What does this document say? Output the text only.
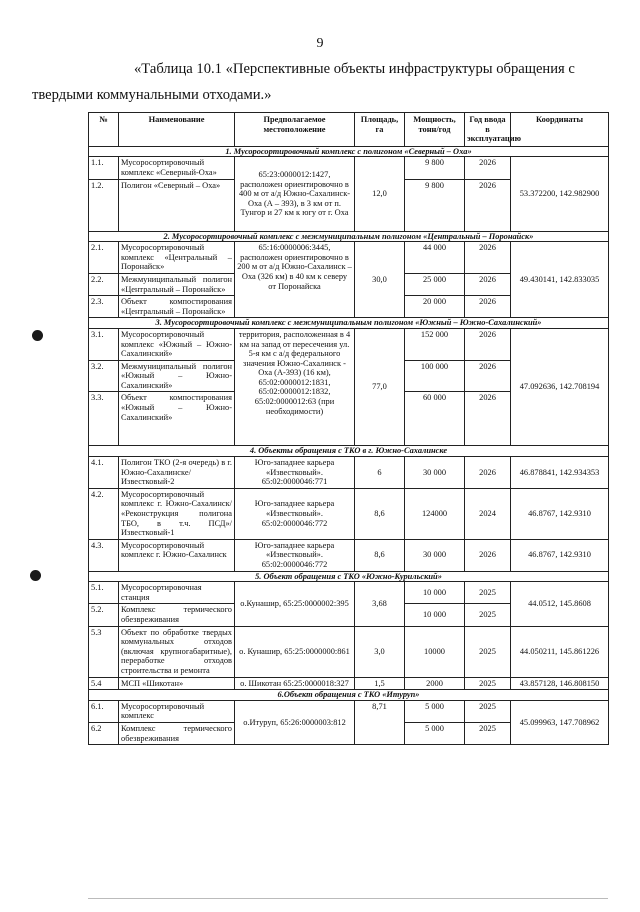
9
«Таблица 10.1 «Перспективные объекты инфраструктуры обращения с
твердыми коммунальными отходами.»
№	Наименование	Предполагаемое местоположение	Площадь, га	Мощность, тонн/год	Год ввода в эксплуатацию	Координаты
1. Мусоросортировочный комплекс с полигоном «Северный – Оха»						
1.1.	Мусоросортировочный комплекс «Северный-Оха»	65:23:0000012:1427, расположен ориентировочно в 400 м от а/д Южно-Сахалинск-Оха (А – 393), в 3 км от п. Тунгор и 27 км к югу от г. Оха	12,0	9 800	2026	53.372200, 142.982900
1.2.	Полигон «Северный – Оха»			9 800	2026	
2. Мусоросортировочный комплекс с межмуниципальным полигоном «Центральный – Поронайск»						
2.1.	Мусоросортировочный комплекс «Центральный – Поронайск»	65:16:0000006:3445, расположен ориентировочно в 200 м от а/д Южно-Сахалинск – Оха (326 км) в 40 км к северу от Поронайска	30,0	44 000	2026	49.430141, 142.833035
2.2.	Межмуниципальный полигон «Центральный – Поронайск»			25 000	2026	
2.3.	Объект компостирования «Центральный – Поронайск»			20 000	2026	
3. Мусоросортировочный комплекс с межмуниципальным полигоном «Южный – Южно-Сахалинский»						
3.1.	Мусоросортировочный комплекс «Южный – Южно-Сахалинский»	территория, расположенная в 4 км на запад от пересечения ул. 5-я км с а/д федерального значения Южно-Сахалинск - Оха (А-393) (16 км), 65:02:0000012:1831, 65:02:0000012:1832, 65:02:0000012:63 (при необходимости)	77,0	152 000	2026	47.092636, 142.708194
3.2.	Межмуниципальный полигон «Южный – Южно-Сахалинский»			100 000	2026	
3.3.	Объект компостирования «Южный – Южно-Сахалинский»			60 000	2026	
4. Объекты обращения с ТКО в г. Южно-Сахалинске						
4.1.	Полигон ТКО (2-я очередь) в г. Южно-Сахалинске/Известковый-2	Юго-западнее карьера «Известковый». 65:02:0000046:771	6	30 000	2026	46.878841, 142.934353
4.2.	Мусоросортировочный комплекс г. Южно-Сахалинск/ «Реконструкция полигона ТБО, в т.ч. ПСД»/Известковый-1	Юго-западнее карьера «Известковый». 65:02:0000046:772	8,6	124000	2024	46.8767, 142.9310
4.3.	Мусоросортировочный комплекс г. Южно-Сахалинск	Юго-западнее карьера «Известковый». 65:02:0000046:772	8,6	30 000	2026	46.8767, 142.9310
5. Объект обращения с ТКО «Южно-Курильский»						
5.1.	Мусоросортировочная станция	о.Кунашир, 65:25:0000002:395	3,68	10 000	2025	44.0512, 145.8608
5.2.	Комплекс термического обезвреживания			10 000	2025	
5.3	Объект по обработке твердых коммунальных отходов (включая крупногабаритные), переработке отходов строительства и ремонта	о. Кунашир, 65:25:0000000:861	3,0	10000	2025	44.050211, 145.861226
5.4	МСП «Шикотан»	о. Шикотан 65:25:0000018:327	1,5	2000	2025	43.857128, 146.808150
6.Объект обращения с ТКО «Итуруп»						
6.1.	Мусоросортировочный комплекс	о.Итуруп, 65:26:0000003:812	8,71	5 000	2025	45.099963, 147.708962
6.2	Комплекс термического обезвреживания			5 000	2025	
